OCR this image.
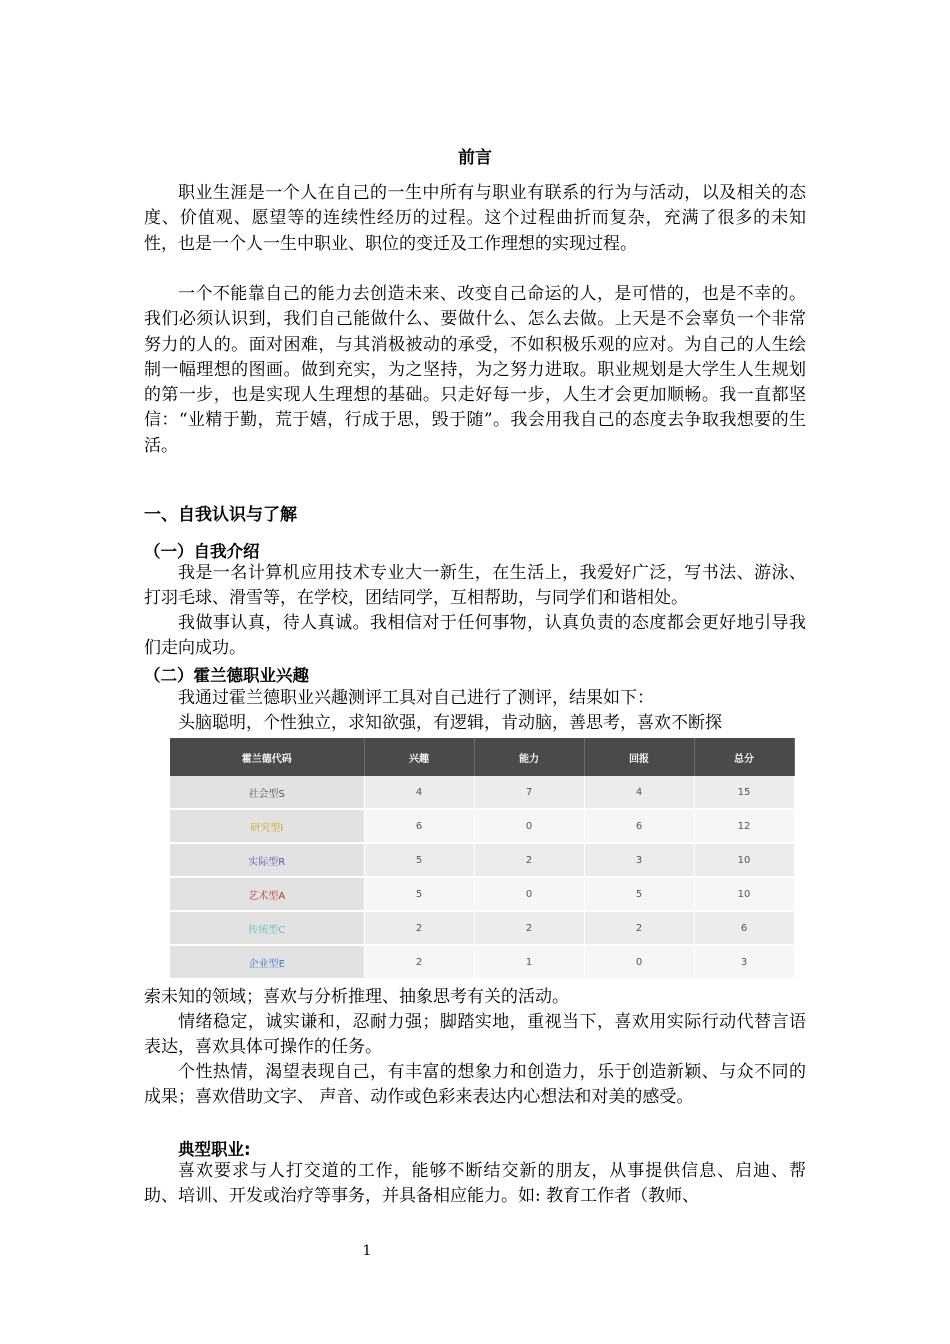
前言

职业生涯是一个人在自己的一生中所有与职业有联系的行为与活动，以及相关的态度、价值观、愿望等的连续性经历的过程。这个过程曲折而复杂，充满了很多的未知性，也是一个人一生中职业、职位的变迁及工作理想的实现过程。

一个不能靠自己的能力去创造未来、改变自己命运的人，是可惜的，也是不幸的。我们必须认识到，我们自己能做什么、要做什么、怎么去做。上天是不会辜负一个非常努力的人的。面对困难，与其消极被动的承受，不如积极乐观的应对。为自己的人生绘制一幅理想的图画。做到充实，为之坚持，为之努力进取。职业规划是大学生人生规划的第一步，也是实现人生理想的基础。只走好每一步，人生才会更加顺畅。我一直都坚信：“业精于勤，荒于嬉，行成于思，毁于随”。我会用我自己的态度去争取我想要的生活。

一、自我认识与了解
（一）自我介绍

我是一名计算机应用技术专业大一新生，在生活上，我爱好广泛，写书法、游泳、打羽毛球、滑雪等，在学校，团结同学，互相帮助，与同学们和谐相处。

我做事认真，待人真诚。我相信对于任何事物，认真负责的态度都会更好地引导我们走向成功。

（二）霍兰德职业兴趣

我通过霍兰德职业兴趣测评工具对自己进行了测评，结果如下：

头脑聪明，个性独立，求知欲强，有逻辑，肯动脑，善思考，喜欢不断探

霍兰德代码	兴趣	能力	回报	总分
社会型S	4	7	4	15
研究型I	6	0	6	12
实际型R	5	2	3	10
艺术型A	5	0	5	10
传统型C	2	2	2	6
企业型E	2	1	0	3

索未知的领域；喜欢与分析推理、抽象思考有关的活动。

情绪稳定，诚实谦和，忍耐力强；脚踏实地，重视当下，喜欢用实际行动代替言语表达，喜欢具体可操作的任务。

个性热情，渴望表现自己，有丰富的想象力和创造力，乐于创造新颖、与众不同的成果；喜欢借助文字、 声音、动作或色彩来表达内心想法和对美的感受。

典型职业:

喜欢要求与人打交道的工作，能够不断结交新的朋友，从事提供信息、启迪、帮助、培训、开发或治疗等事务，并具备相应能力。如: 教育工作者（教师、

1
